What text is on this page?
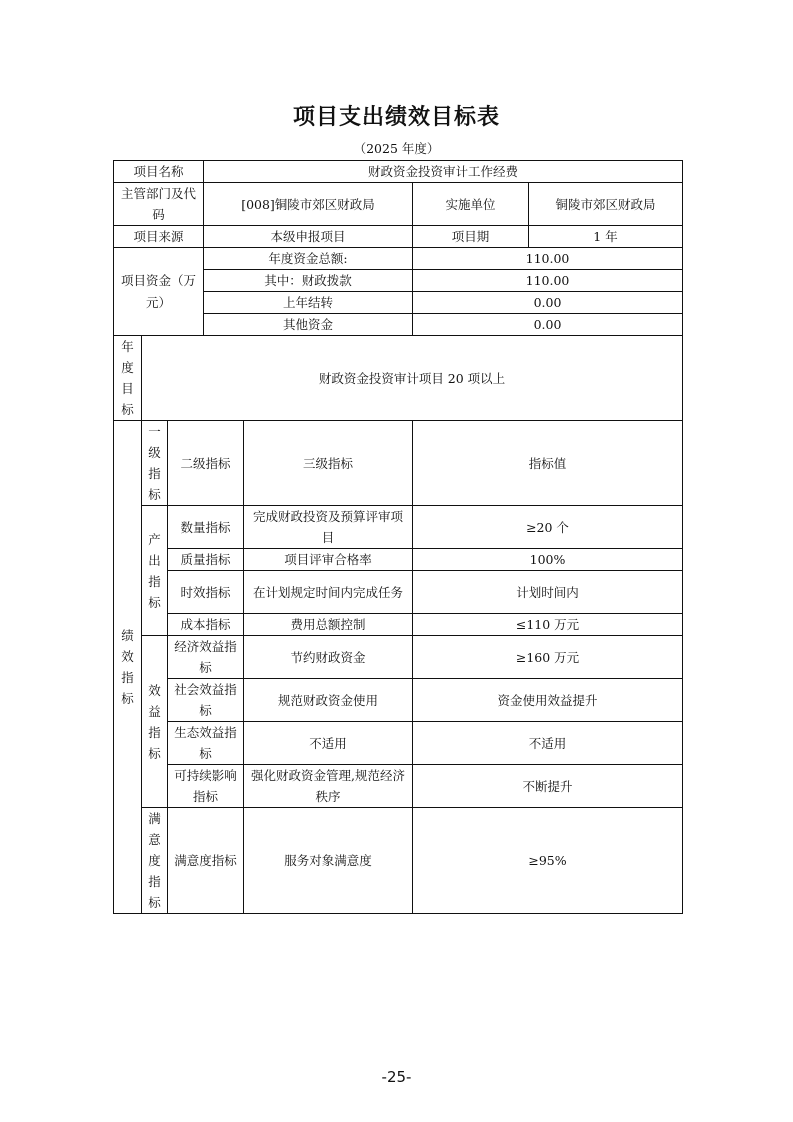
项目支出绩效目标表
（2025 年度）
项目名称			财政资金投资审计工作经费			
主管部门及代码			[008]铜陵市郊区财政局		实施单位	铜陵市郊区财政局
项目来源			本级申报项目		项目期	1 年
项目资金（万元）			年度资金总额:		110.00	
			其中：财政拨款		110.00	
			上年结转		0.00	
			其他资金		0.00	
年度目标	财政资金投资审计项目 20 项以上					
绩效指标	一级指标	二级指标		三级指标	指标值	
	产出指标	数量指标		完成财政投资及预算评审项目	≥20 个	
		质量指标		项目评审合格率	100%	
		时效指标		在计划规定时间内完成任务	计划时间内	
		成本指标		费用总额控制	≤110 万元	
	效益指标	经济效益指标		节约财政资金	≥160 万元	
		社会效益指标		规范财政资金使用	资金使用效益提升	
		生态效益指标		不适用	不适用	
		可持续影响指标		强化财政资金管理,规范经济秩序	不断提升	
	满意度指标	满意度指标		服务对象满意度	≥95%	
-25-
